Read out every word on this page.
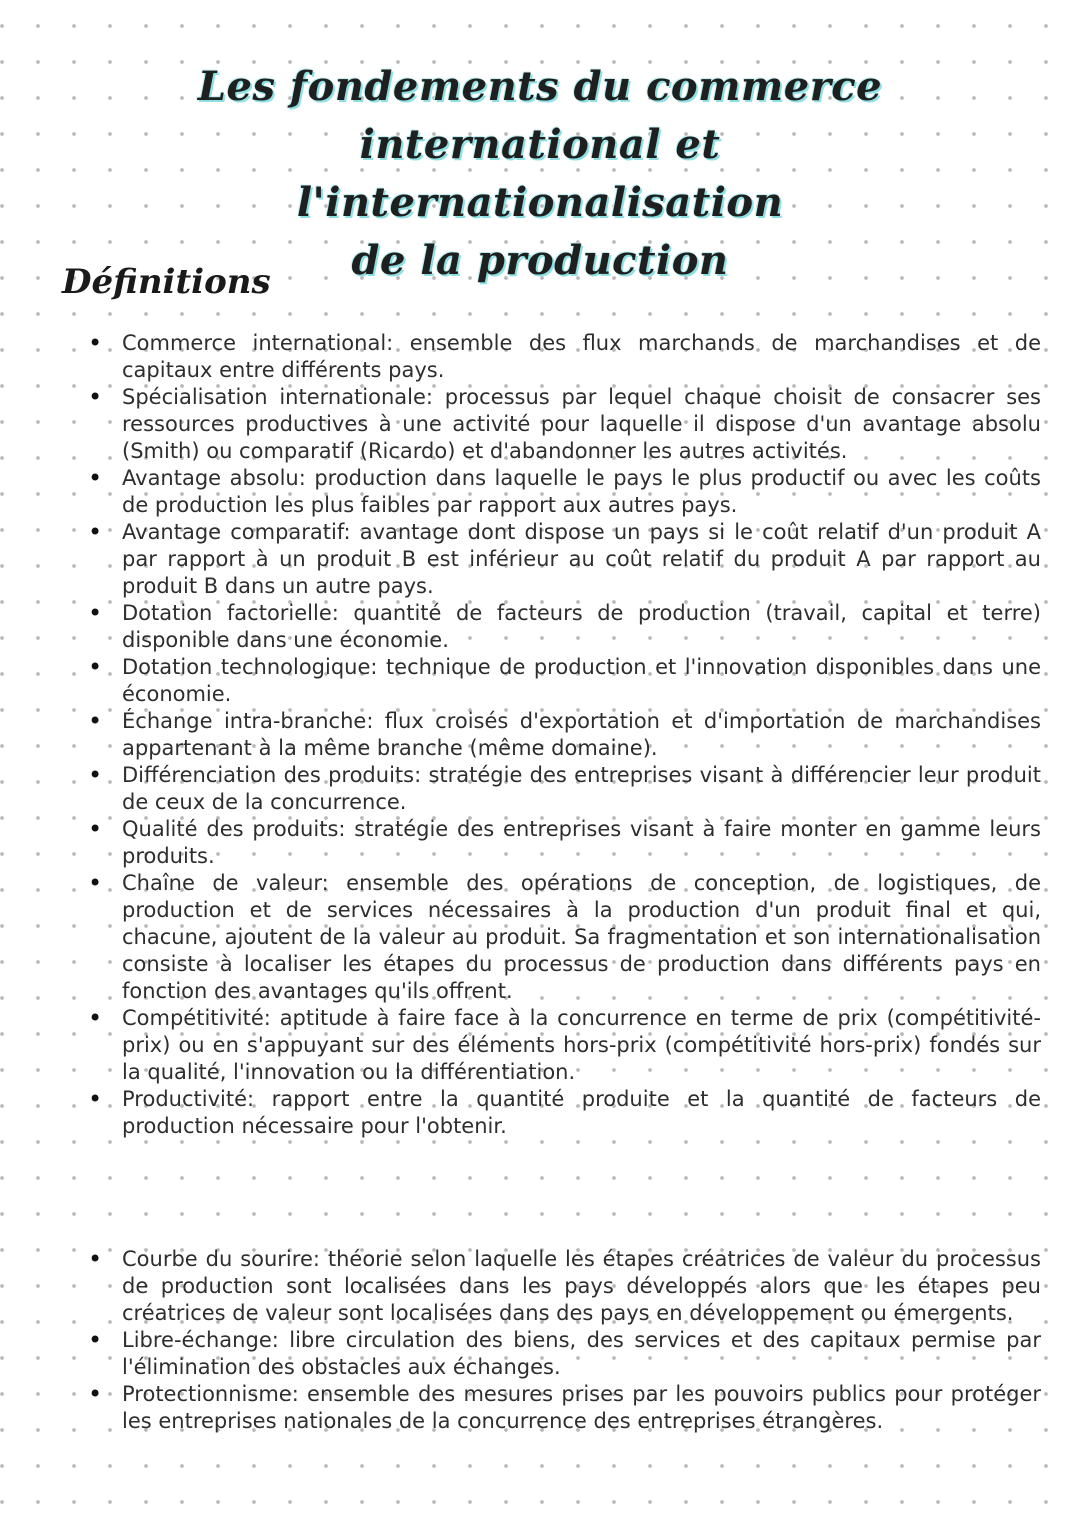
Les fondements du commerce
international et l'internationalisation
de la production
Définitions
• Commerce international: ensemble des flux marchands de marchandises et de capitaux entre différents pays.
• Spécialisation internationale: processus par lequel chaque choisit de consacrer ses ressources productives à une activité pour laquelle il dispose d'un avantage absolu (Smith) ou comparatif (Ricardo) et d'abandonner les autres activités.
• Avantage absolu: production dans laquelle le pays le plus productif ou avec les coûts de production les plus faibles par rapport aux autres pays.
• Avantage comparatif: avantage dont dispose un pays si le coût relatif d'un produit A par rapport à un produit B est inférieur au coût relatif du produit A par rapport au produit B dans un autre pays.
• Dotation factorielle: quantité de facteurs de production (travail, capital et terre) disponible dans une économie.
• Dotation technologique: technique de production et l'innovation disponibles dans une économie.
• Échange intra-branche: flux croisés d'exportation et d'importation de marchandises appartenant à la même branche (même domaine).
• Différenciation des produits: stratégie des entreprises visant à différencier leur produit de ceux de la concurrence.
• Qualité des produits: stratégie des entreprises visant à faire monter en gamme leurs produits.
• Chaîne de valeur: ensemble des opérations de conception, de logistiques, de production et de services nécessaires à la production d'un produit final et qui, chacune, ajoutent de la valeur au produit. Sa fragmentation et son internationalisation consiste à localiser les étapes du processus de production dans différents pays en fonction des avantages qu'ils offrent.
• Compétitivité: aptitude à faire face à la concurrence en terme de prix (compétitivité-prix) ou en s'appuyant sur des éléments hors-prix (compétitivité hors-prix) fondés sur la qualité, l'innovation ou la différentiation.
• Productivité: rapport entre la quantité produite et la quantité de facteurs de production nécessaire pour l'obtenir.
• Courbe du sourire: théorie selon laquelle les étapes créatrices de valeur du processus de production sont localisées dans les pays développés alors que les étapes peu créatrices de valeur sont localisées dans des pays en développement ou émergents.
• Libre-échange: libre circulation des biens, des services et des capitaux permise par l'élimination des obstacles aux échanges.
• Protectionnisme: ensemble des mesures prises par les pouvoirs publics pour protéger les entreprises nationales de la concurrence des entreprises étrangères.
